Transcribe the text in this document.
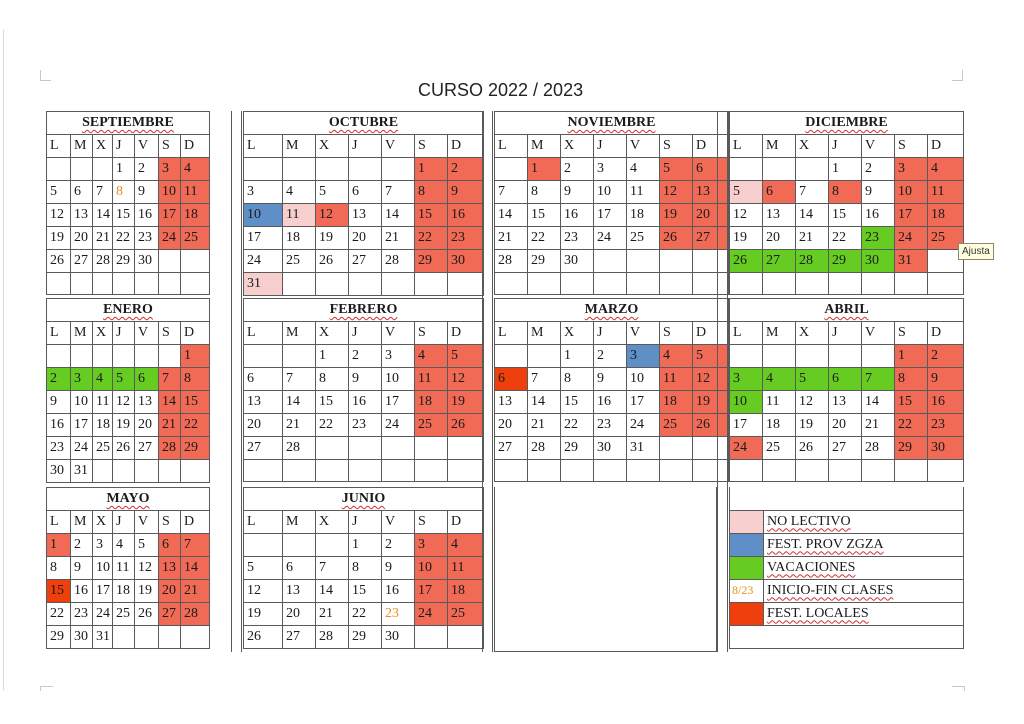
CURSO 2022 / 2023
SEPTIEMBRE						
L	M	X	J	V	S	D
			1	2	3	4
5	6	7	8	9	10	11
12	13	14	15	16	17	18
19	20	21	22	23	24	25
26	27	28	29	30		

OCTUBRE						
L	M	X	J	V	S	D
					1	2
3	4	5	6	7	8	9
10	11	12	13	14	15	16
17	18	19	20	21	22	23
24	25	26	27	28	29	30
31						
NOVIEMBRE						
L	M	X	J	V	S	D
	1	2	3	4	5	6
7	8	9	10	11	12	13
14	15	16	17	18	19	20
21	22	23	24	25	26	27
28	29	30				

DICIEMBRE						
L	M	X	J	V	S	D
			1	2	3	4
5	6	7	8	9	10	11
12	13	14	15	16	17	18
19	20	21	22	23	24	25
26	27	28	29	30	31	

ENERO						
L	M	X	J	V	S	D
						1
2	3	4	5	6	7	8
9	10	11	12	13	14	15
16	17	18	19	20	21	22
23	24	25	26	27	28	29
30	31					
FEBRERO						
L	M	X	J	V	S	D
		1	2	3	4	5
6	7	8	9	10	11	12
13	14	15	16	17	18	19
20	21	22	23	24	25	26
27	28					

MARZO						
L	M	X	J	V	S	D
		1	2	3	4	5
6	7	8	9	10	11	12
13	14	15	16	17	18	19
20	21	22	23	24	25	26
27	28	29	30	31		

ABRIL						
L	M	X	J	V	S	D
					1	2
3	4	5	6	7	8	9
10	11	12	13	14	15	16
17	18	19	20	21	22	23
24	25	26	27	28	29	30

MAYO						
L	M	X	J	V	S	D
1	2	3	4	5	6	7
8	9	10	11	12	13	14
15	16	17	18	19	20	21
22	23	24	25	26	27	28
29	30	31				
JUNIO						
L	M	X	J	V	S	D
			1	2	3	4
5	6	7	8	9	10	11
12	13	14	15	16	17	18
19	20	21	22	23	24	25
26	27	28	29	30		

	NO LECTIVO
	FEST. PROV ZGZA
	VACACIONES
8/23	INICIO-FIN CLASES
	FEST. LOCALES

Ajusta
